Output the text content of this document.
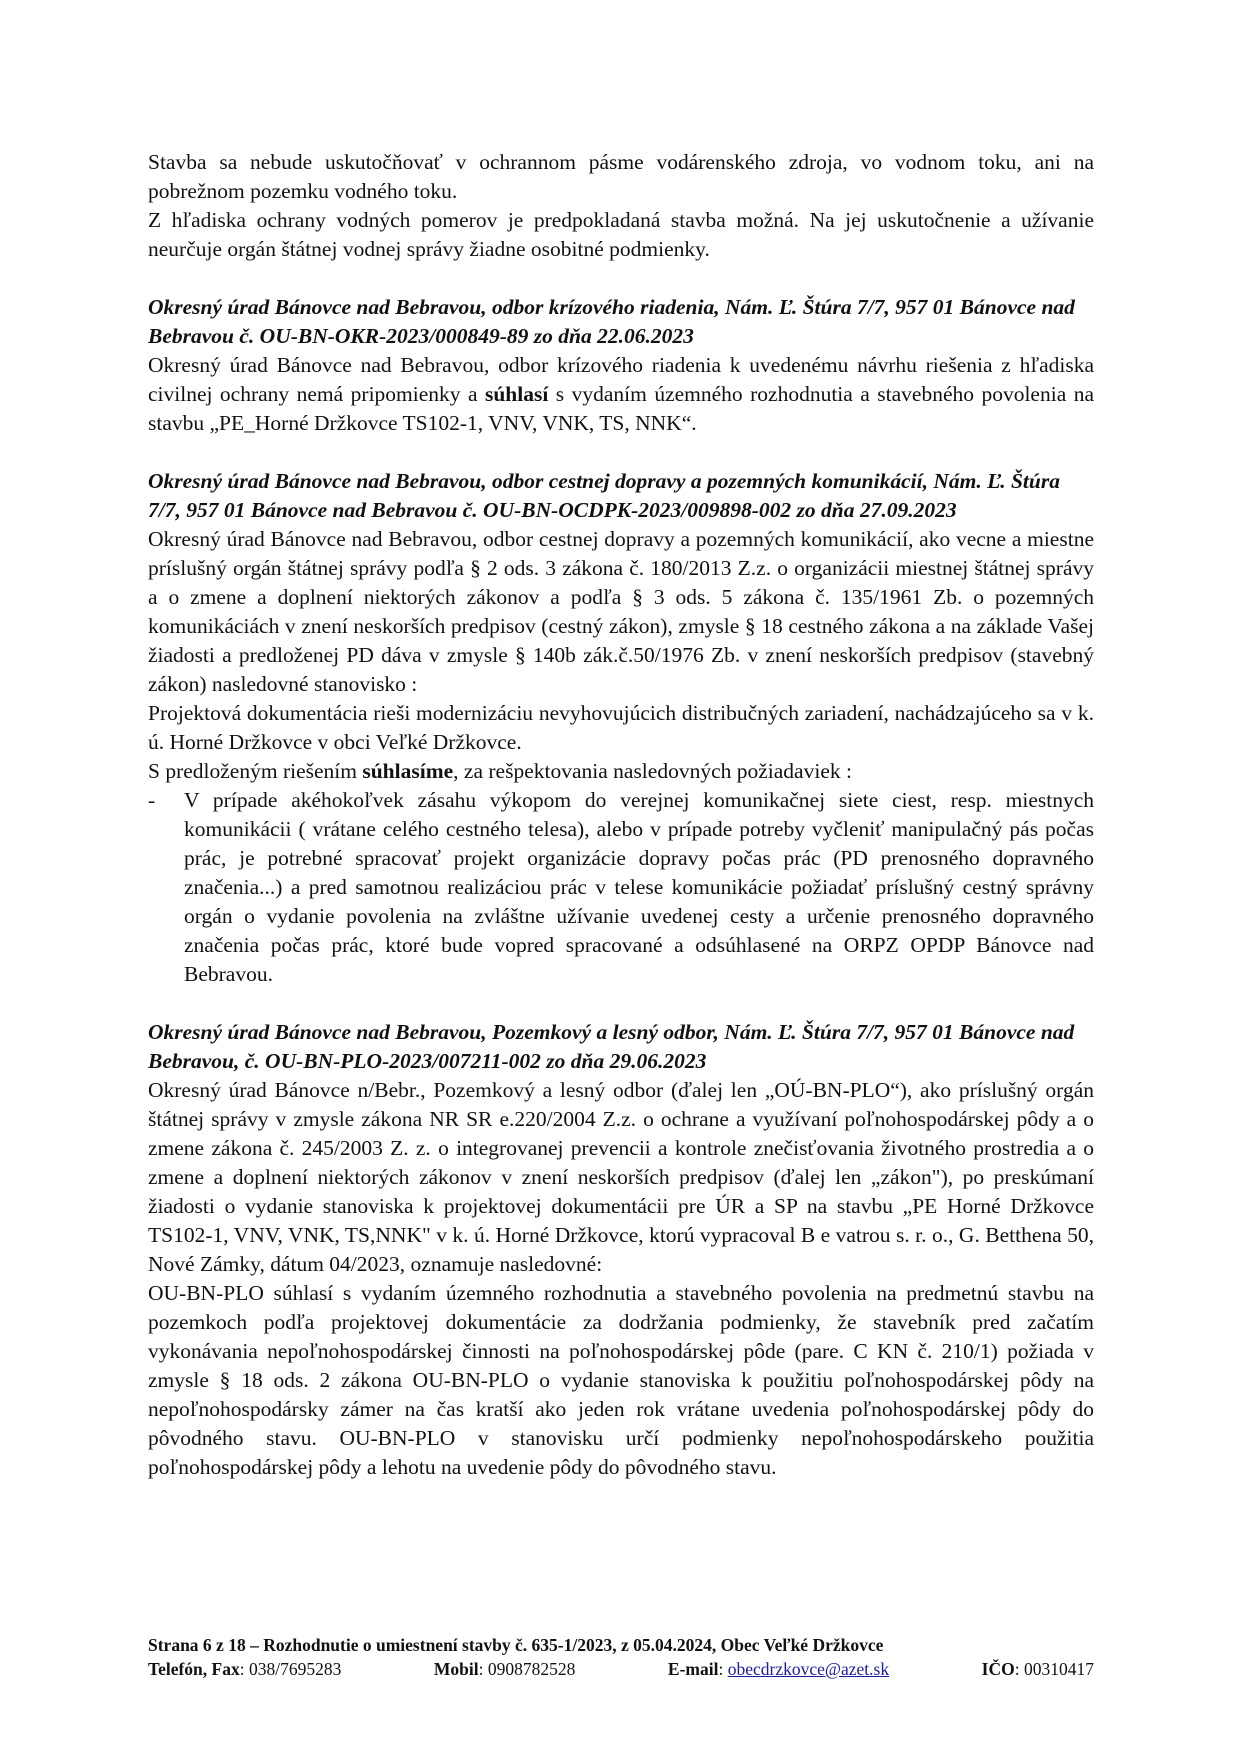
Stavba sa nebude uskutočňovať v ochrannom pásme vodárenského zdroja, vo vodnom toku, ani na pobrežnom pozemku vodného toku.

Z hľadiska ochrany vodných pomerov je predpokladaná stavba možná. Na jej uskutočnenie a užívanie neurčuje orgán štátnej vodnej správy žiadne osobitné podmienky.

Okresný úrad Bánovce nad Bebravou, odbor krízového riadenia, Nám. Ľ. Štúra 7/7, 957 01 Bánovce nad Bebravou č. OU-BN-OKR-2023/000849-89 zo dňa 22.06.2023

Okresný úrad Bánovce nad Bebravou, odbor krízového riadenia k uvedenému návrhu riešenia z hľadiska civilnej ochrany nemá pripomienky a súhlasí s vydaním územného rozhodnutia a stavebného povolenia na stavbu „PE_Horné Držkovce TS102-1, VNV, VNK, TS, NNK“.

Okresný úrad Bánovce nad Bebravou, odbor cestnej dopravy a pozemných komunikácií, Nám. Ľ. Štúra 7/7, 957 01 Bánovce nad Bebravou č. OU-BN-OCDPK-2023/009898-002 zo dňa 27.09.2023

Okresný úrad Bánovce nad Bebravou, odbor cestnej dopravy a pozemných komunikácií, ako vecne a miestne príslušný orgán štátnej správy podľa § 2 ods. 3 zákona č. 180/2013 Z.z. o organizácii miestnej štátnej správy a o zmene a doplnení niektorých zákonov a podľa § 3 ods. 5 zákona č. 135/1961 Zb. o pozemných komunikáciách v znení neskorších predpisov (cestný zákon), zmysle § 18 cestného zákona a na základe Vašej žiadosti a predloženej PD dáva v zmysle § 140b zák.č.50/1976 Zb. v znení neskorších predpisov (stavebný zákon) nasledovné stanovisko :

Projektová dokumentácia rieši modernizáciu nevyhovujúcich distribučných zariadení, nachádzajúceho sa v k. ú. Horné Držkovce v obci Veľké Držkovce.

S predloženým riešením súhlasíme, za rešpektovania nasledovných požiadaviek :

- V prípade akéhokoľvek zásahu výkopom do verejnej komunikačnej siete ciest, resp. miestnych komunikácii ( vrátane celého cestného telesa), alebo v prípade potreby vyčleniť manipulačný pás počas prác, je potrebné spracovať projekt organizácie dopravy počas prác (PD prenosného dopravného značenia...) a pred samotnou realizáciou prác v telese komunikácie požiadať príslušný cestný správny orgán o vydanie povolenia na zvláštne užívanie uvedenej cesty a určenie prenosného dopravného značenia počas prác, ktoré bude vopred spracované a odsúhlasené na ORPZ OPDP Bánovce nad Bebravou.

Okresný úrad Bánovce nad Bebravou, Pozemkový a lesný odbor, Nám. Ľ. Štúra 7/7, 957 01 Bánovce nad Bebravou, č. OU-BN-PLO-2023/007211-002 zo dňa 29.06.2023

Okresný úrad Bánovce n/Bebr., Pozemkový a lesný odbor (ďalej len „OÚ-BN-PLO“), ako príslušný orgán štátnej správy v zmysle zákona NR SR e.220/2004 Z.z. o ochrane a využívaní poľnohospodárskej pôdy a o zmene zákona č. 245/2003 Z. z. o integrovanej prevencii a kontrole znečisťovania životného prostredia a o zmene a doplnení niektorých zákonov v znení neskorších predpisov (ďalej len „zákon"), po preskúmaní žiadosti o vydanie stanoviska k projektovej dokumentácii pre ÚR a SP na stavbu „PE Horné Držkovce TS102-1, VNV, VNK, TS,NNK" v k. ú. Horné Držkovce, ktorú vypracoval B e vatrou s. r. o., G. Betthena 50, Nové Zámky, dátum 04/2023, oznamuje nasledovné:

OU-BN-PLO súhlasí s vydaním územného rozhodnutia a stavebného povolenia na predmetnú stavbu na pozemkoch podľa projektovej dokumentácie za dodržania podmienky, že stavebník pred začatím vykonávania nepoľnohospodárskej činnosti na poľnohospodárskej pôde (pare. C KN č. 210/1) požiada v zmysle § 18 ods. 2 zákona OU-BN-PLO o vydanie stanoviska k použitiu poľnohospodárskej pôdy na nepoľnohospodársky zámer na čas kratší ako jeden rok vrátane uvedenia poľnohospodárskej pôdy do pôvodného stavu. OU-BN-PLO v stanovisku určí podmienky nepoľnohospodárskeho použitia poľnohospodárskej pôdy a lehotu na uvedenie pôdy do pôvodného stavu.

Strana 6 z 18 – Rozhodnutie o umiestnení stavby č. 635-1/2023, z 05.04.2024, Obec Veľké Držkovce
Telefón, Fax: 038/7695283	Mobil: 0908782528	E-mail: obecdrzkovce@azet.sk	IČO: 00310417
